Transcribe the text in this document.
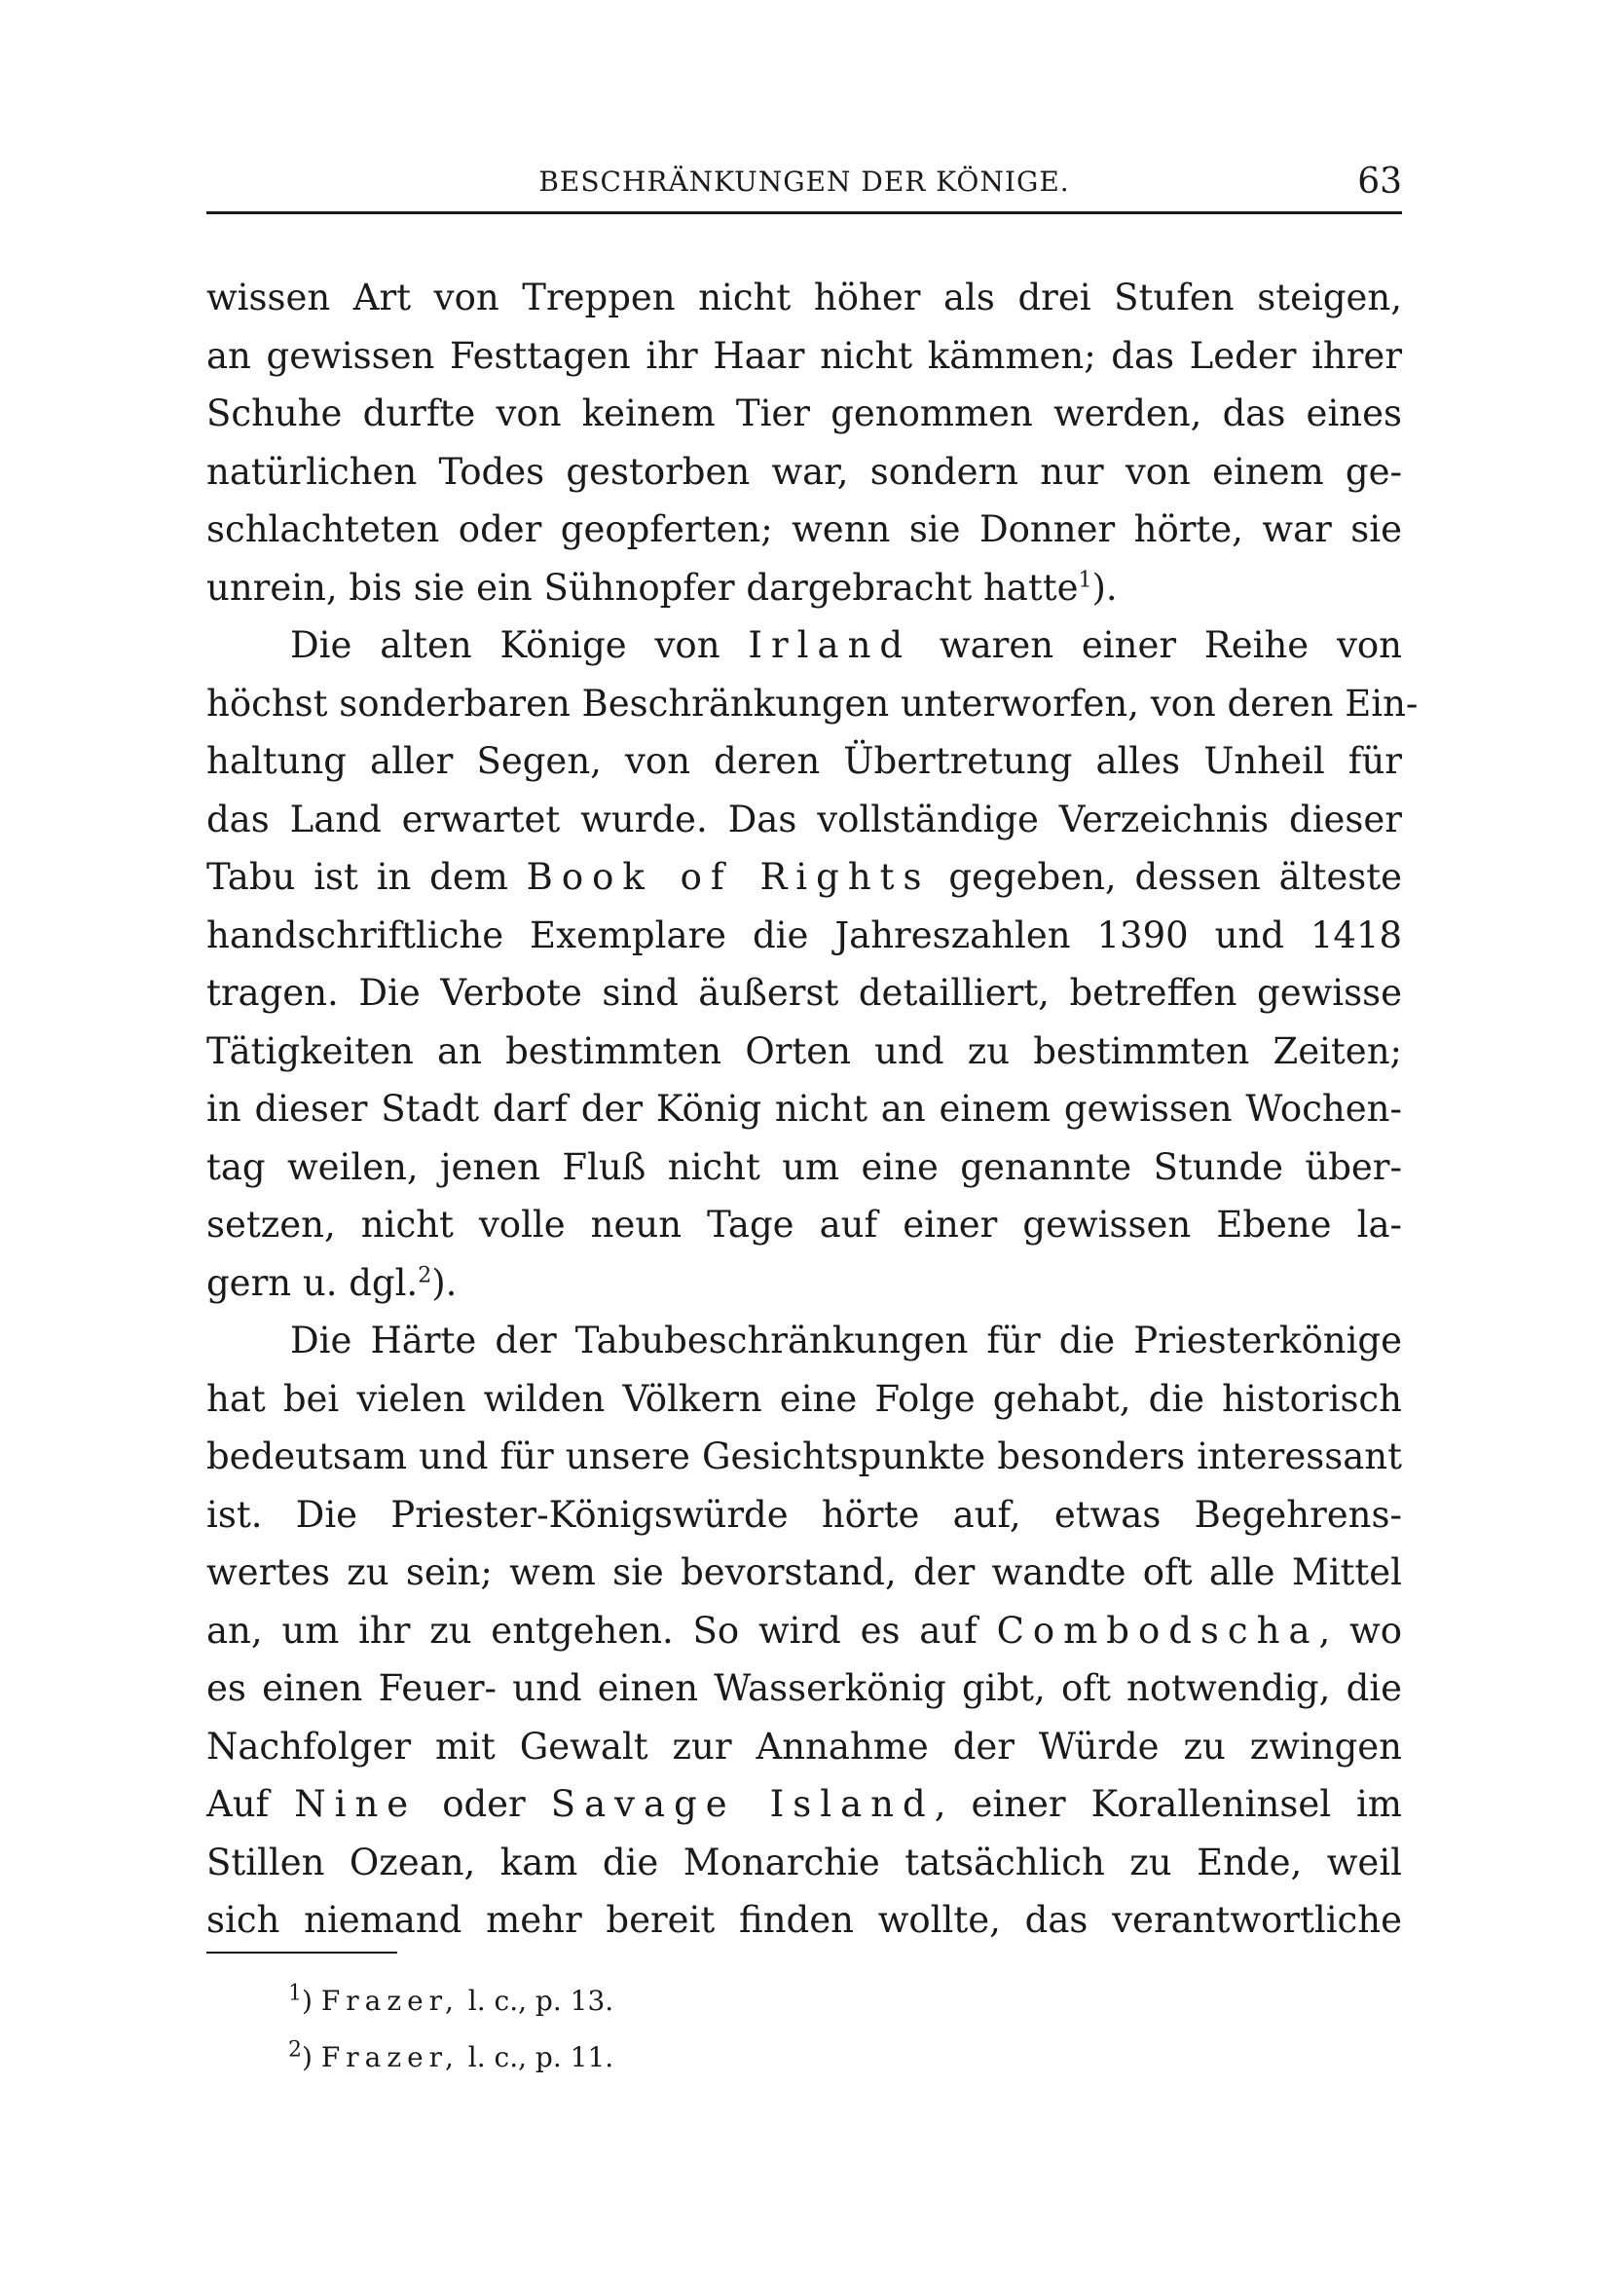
BESCHRÄNKUNGEN DER KÖNIGE.	63
wissen Art von Treppen nicht höher als drei Stufen steigen,
an gewissen Festtagen ihr Haar nicht kämmen; das Leder ihrer
Schuhe durfte von keinem Tier genommen werden, das eines
natürlichen Todes gestorben war, sondern nur von einem ge-
schlachteten oder geopferten; wenn sie Donner hörte, war sie
unrein, bis sie ein Sühnopfer dargebracht hatte$^1$).
Die alten Könige von Irland waren einer Reihe von
höchst sonderbaren Beschränkungen unterworfen, von deren Ein-
haltung aller Segen, von deren Übertretung alles Unheil für
das Land erwartet wurde. Das vollständige Verzeichnis dieser
Tabu ist in dem Book of Rights gegeben, dessen älteste
handschriftliche Exemplare die Jahreszahlen 1390 und 1418
tragen. Die Verbote sind äußerst detailliert, betreffen gewisse
Tätigkeiten an bestimmten Orten und zu bestimmten Zeiten;
in dieser Stadt darf der König nicht an einem gewissen Wochen-
tag weilen, jenen Fluß nicht um eine genannte Stunde über-
setzen, nicht volle neun Tage auf einer gewissen Ebene la-
gern u. dgl.$^2$).
Die Härte der Tabubeschränkungen für die Priesterkönige
hat bei vielen wilden Völkern eine Folge gehabt, die historisch
bedeutsam und für unsere Gesichtspunkte besonders interessant
ist. Die Priester-Königswürde hörte auf, etwas Begehrens-
wertes zu sein; wem sie bevorstand, der wandte oft alle Mittel
an, um ihr zu entgehen. So wird es auf Combodscha, wo
es einen Feuer- und einen Wasserkönig gibt, oft notwendig, die
Nachfolger mit Gewalt zur Annahme der Würde zu zwingen
Auf Nine oder Savage Island, einer Koralleninsel im
Stillen Ozean, kam die Monarchie tatsächlich zu Ende, weil
sich niemand mehr bereit finden wollte, das verantwortliche
$^1$) Frazer, l. c., p. 13.
$^2$) Frazer, l. c., p. 11.
